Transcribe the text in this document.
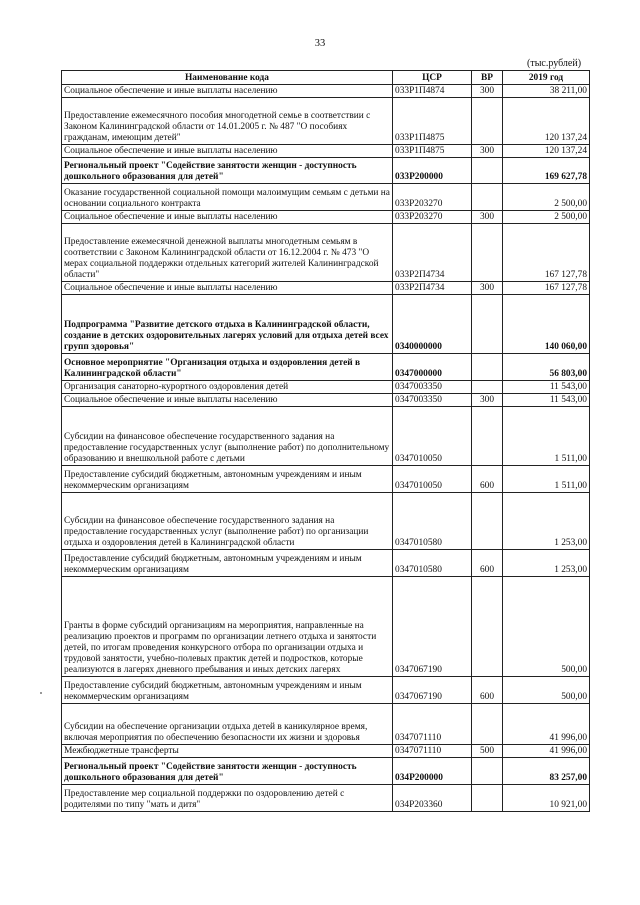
33
(тыс.рублей)
Наименование кода	ЦСР	ВР	2019 год
Социальное обеспечение и иные выплаты населению	033Р1П4874	300	38 211,00
Предоставление ежемесячного пособия многодетной семье в соответствии с Законом Калининградской области от 14.01.2005 г. № 487 "О пособиях гражданам, имеющим детей"	033Р1П4875		120 137,24
Социальное обеспечение и иные выплаты населению	033Р1П4875	300	120 137,24
Региональный проект "Содействие занятости женщин - доступность дошкольного образования для детей"	033Р200000		169 627,78
Оказание государственной социальной помощи малоимущим семьям с детьми на основании социального контракта	033Р203270		2 500,00
Социальное обеспечение и иные выплаты населению	033Р203270	300	2 500,00
Предоставление ежемесячной денежной выплаты многодетным семьям в соответствии с Законом Калининградской области от 16.12.2004 г. № 473 "О мерах социальной поддержки отдельных категорий жителей Калининградской области"	033Р2П4734		167 127,78
Социальное обеспечение и иные выплаты населению	033Р2П4734	300	167 127,78
Подпрограмма "Развитие детского отдыха в Калининградской области, создание в детских оздоровительных лагерях условий для отдыха детей всех групп здоровья"	0340000000		140 060,00
Основное мероприятие "Организация отдыха и оздоровления детей в Калининградской области"	0347000000		56 803,00
Организация санаторно-курортного оздоровления детей	0347003350		11 543,00
Социальное обеспечение и иные выплаты населению	0347003350	300	11 543,00
Субсидии на финансовое обеспечение государственного задания на предоставление государственных услуг (выполнение работ) по дополнительному образованию и внешкольной работе с детьми	0347010050		1 511,00
Предоставление субсидий бюджетным, автономным учреждениям и иным некоммерческим организациям	0347010050	600	1 511,00
Субсидии на финансовое обеспечение государственного задания на предоставление государственных услуг (выполнение работ) по организации отдыха и оздоровления детей в Калининградской области	0347010580		1 253,00
Предоставление субсидий бюджетным, автономным учреждениям и иным некоммерческим организациям	0347010580	600	1 253,00
Гранты в форме субсидий организациям на мероприятия, направленные на реализацию проектов и программ по организации летнего отдыха и занятости детей, по итогам проведения конкурсного отбора по организации отдыха и трудовой занятости, учебно-полевых практик детей и подростков, которые реализуются в лагерях дневного пребывания и иных детских лагерях	0347067190		500,00
Предоставление субсидий бюджетным, автономным учреждениям и иным некоммерческим организациям	0347067190	600	500,00
Субсидии на обеспечение организации отдыха детей в каникулярное время, включая мероприятия по обеспечению безопасности их жизни и здоровья	0347071110		41 996,00
Межбюджетные трансферты	0347071110	500	41 996,00
Региональный проект "Содействие занятости женщин - доступность дошкольного образования для детей"	034Р200000		83 257,00
Предоставление мер социальной поддержки по оздоровлению детей с родителями по типу "мать и дитя"	034Р203360		10 921,00
